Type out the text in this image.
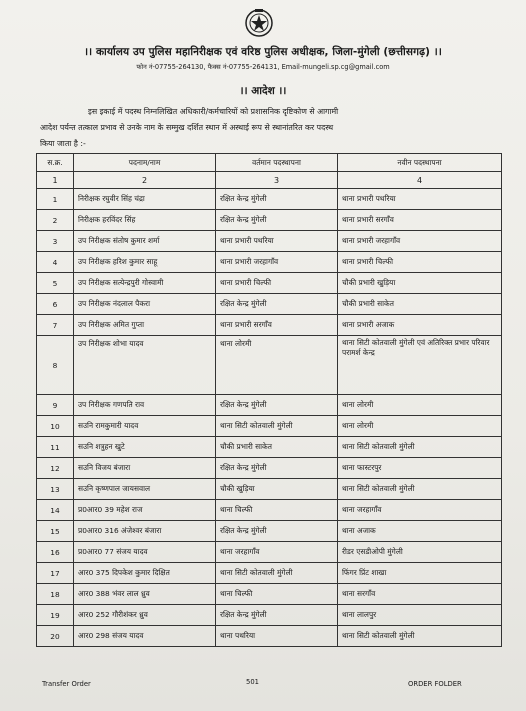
।। कार्यालय उप पुलिस महानिरीक्षक एवं वरिष्ठ पुलिस अधीक्षक, जिला-मुंगेली (छत्तीसगढ़) ।।
फोन नं-07755-264130, फैक्स नं-07755-264131, Email-mungeli.sp.cg@gmail.com
।। आदेश ।।
इस इकाई में पदस्थ निम्नलिखित अधिकारी/कर्मचारियों को प्रशासनिक दृष्टिकोण से आगामी
आदेश पर्यन्त तत्काल प्रभाव से उनके नाम के सम्मुख दर्शित स्थान में अस्थाई रूप से स्थानांतरित कर पदस्थ
किया जाता है :-
स.क्र.	पदनाम/नाम	वर्तमान पदस्थापना	नवीन पदस्थापना
1	2	3	4
1	निरीक्षक रघुवीर सिंह चंद्रा	रक्षित केन्द्र मुंगेली	थाना प्रभारी पथरिया
2	निरीक्षक हरविंदर सिंह	रक्षित केन्द्र मुंगेली	थाना प्रभारी सरगाँव
3	उप निरीक्षक संतोष कुमार शर्मा	थाना प्रभारी पथरिया	थाना प्रभारी जरहागाँव
4	उप निरीक्षक हरिश कुमार साहू	थाना प्रभारी जरहागाँव	थाना प्रभारी चिल्फी
5	उप निरीक्षक सत्येन्द्रपुरी गोस्वामी	थाना प्रभारी चिल्फी	चौकी प्रभारी खुड़िया
6	उप निरीक्षक नंदलाल पैकरा	रक्षित केन्द्र मुंगेली	चौकी प्रभारी साकेत
7	उप निरीक्षक अमित गुप्ता	थाना प्रभारी सरगाँव	थाना प्रभारी अजाक
8	उप निरीक्षक शोभा यादव	थाना लोरमी	थाना सिटी कोतवाली मुंगेली एवं अतिरिक्त प्रभार परिवार परामर्श केन्द्र
9	उप निरीक्षक गणपति राव	रक्षित केन्द्र मुंगेली	थाना लोरमी
10	सउनि रामकुमारी यादव	थाना सिटी कोतवाली मुंगेली	थाना लोरमी
11	सउनि शत्रुहन खुटे	चौकी प्रभारी साकेत	थाना सिटी कोतवाली मुंगेली
12	सउनि विजय बंजारा	रक्षित केन्द्र मुंगेली	थाना फास्टरपुर
13	सउनि कृष्णपाल जायसवाल	चौकी खुड़िया	थाना सिटी कोतवाली मुंगेली
14	प्र0आर0 39 महेश राज	थाना चिल्फी	थाना जरहागाँव
15	प्र0आर0 316 अंजेश्वर बंजारा	रक्षित केन्द्र मुंगेली	थाना अजाक
16	प्र0आर0 77 संजय यादव	थाना जरहागाँव	रीडर एसडीओपी मुंगेली
17	आर0 375 दिपकेश कुमार दिक्षित	थाना सिटी कोतवाली मुंगेली	फिंगर प्रिंट शाखा
18	आर0 388 भंवर लाल ध्रुव	थाना चिल्फी	थाना सरगाँव
19	आर0 252 गौरीशंकर ध्रुव	रक्षित केन्द्र मुंगेली	थाना लालपुर
20	आर0 298 संजय यादव	थाना पथरिया	थाना सिटी कोतवाली मुंगेली
Transfer Order	501	ORDER FOLDER
